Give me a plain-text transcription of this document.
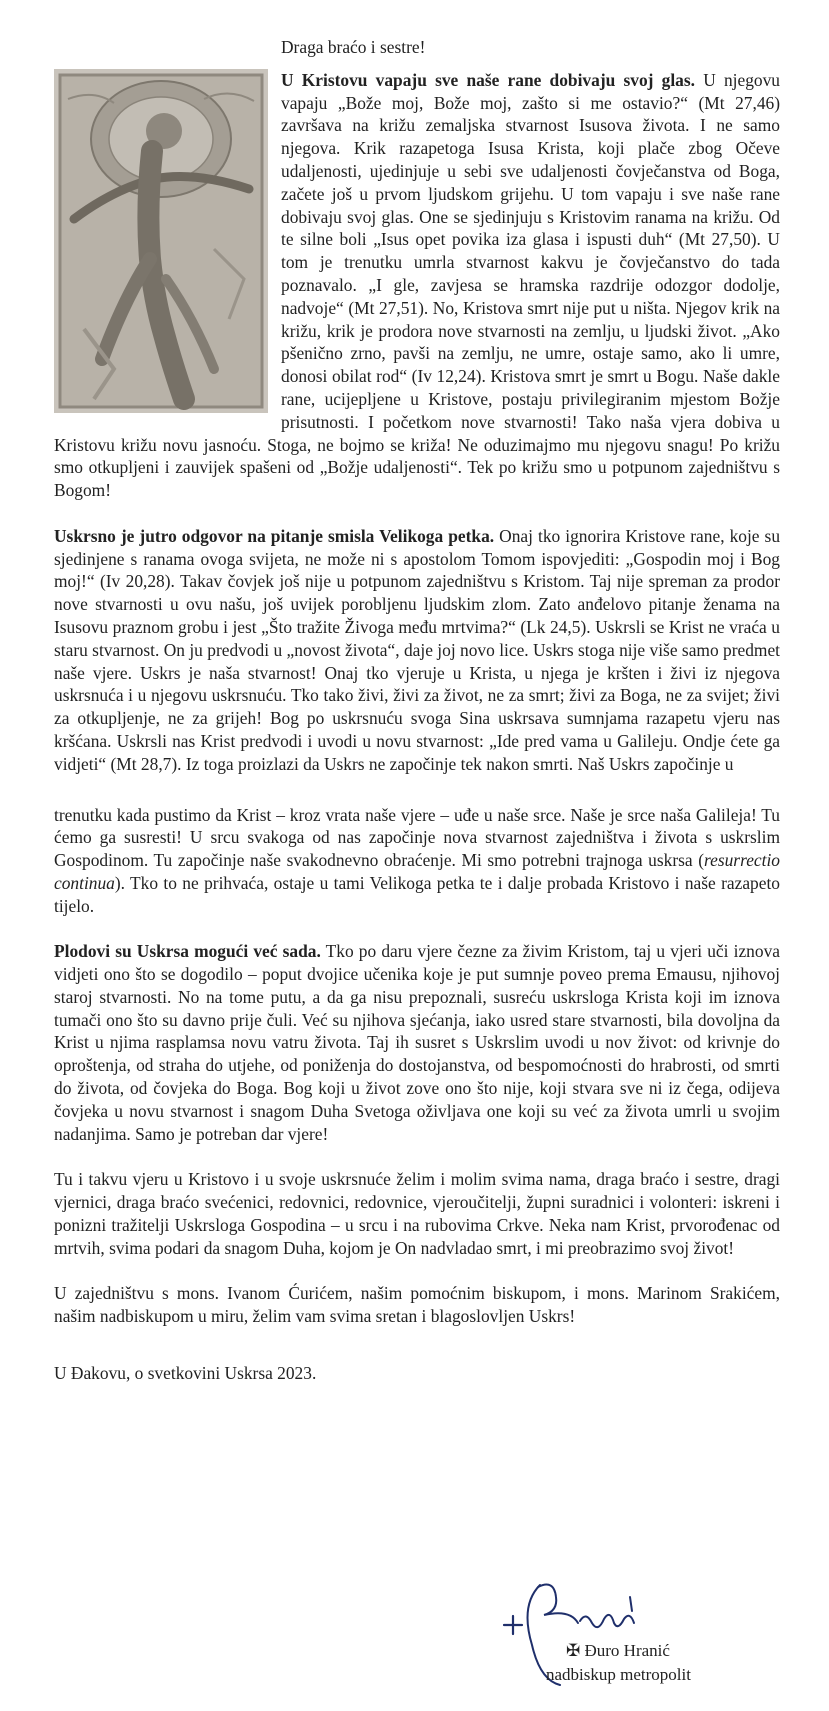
Draga braćo i sestre!
U Kristovu vapaju sve naše rane dobivaju svoj glas. U njegovu vapaju „Bože moj, Bože moj, zašto si me ostavio?“ (Mt 27,46) završava na križu zemaljska stvarnost Isusova života. I ne samo njegova. Krik razapetoga Isusa Krista, koji plače zbog Očeve udaljenosti, ujedinjuje u sebi sve udaljenosti čovječanstva od Boga, začete još u prvom ljudskom grijehu. U tom vapaju i sve naše rane dobivaju svoj glas. One se sjedinjuju s Kristovim ranama na križu. Od te silne boli „Isus opet povika iza glasa i ispusti duh“ (Mt 27,50). U tom je trenutku umrla stvarnost kakvu je čovječanstvo do tada poznavalo. „I gle, zavjesa se hramska razdrije odozgor dodolje, nadvoje“ (Mt 27,51). No, Kristova smrt nije put u ništa. Njegov krik na križu, krik je prodora nove stvarnosti na zemlju, u ljudski život. „Ako pšenično zrno, pavši na zemlju, ne umre, ostaje samo, ako li umre, donosi obilat rod“ (Iv 12,24). Kristova smrt je smrt u Bogu. Naše dakle rane, ucijepljene u Kristove, postaju privilegiranim mjestom Božje prisutnosti. I početkom nove stvarnosti! Tako naša vjera dobiva u Kristovu križu novu jasnoću. Stoga, ne bojmo se križa! Ne oduzimajmo mu njegovu snagu! Po križu smo otkupljeni i zauvijek spašeni od „Božje udaljenosti“. Tek po križu smo u potpunom zajedništvu s Bogom!
Uskrsno je jutro odgovor na pitanje smisla Velikoga petka. Onaj tko ignorira Kristove rane, koje su sjedinjene s ranama ovoga svijeta, ne može ni s apostolom Tomom ispovjediti: „Gospodin moj i Bog moj!“ (Iv 20,28). Takav čovjek još nije u potpunom zajedništvu s Kristom. Taj nije spreman za prodor nove stvarnosti u ovu našu, još uvijek porobljenu ljudskim zlom. Zato anđelovo pitanje ženama na Isusovu praznom grobu i jest „Što tražite Živoga među mrtvima?“ (Lk 24,5). Uskrsli se Krist ne vraća u staru stvarnost. On ju predvodi u „novost života“, daje joj novo lice. Uskrs stoga nije više samo predmet naše vjere. Uskrs je naša stvarnost! Onaj tko vjeruje u Krista, u njega je kršten i živi iz njegova uskrsnuća i u njegovu uskrsnuću. Tko tako živi, živi za život, ne za smrt; živi za Boga, ne za svijet; živi za otkupljenje, ne za grijeh! Bog po uskrsnuću svoga Sina uskrsava sumnjama razapetu vjeru nas kršćana. Uskrsli nas Krist predvodi i uvodi u novu stvarnost: „Ide pred vama u Galileju. Ondje ćete ga vidjeti“ (Mt 28,7). Iz toga proizlazi da Uskrs ne započinje tek nakon smrti. Naš Uskrs započinje u
trenutku kada pustimo da Krist – kroz vrata naše vjere – uđe u naše srce. Naše je srce naša Galileja! Tu ćemo ga susresti! U srcu svakoga od nas započinje nova stvarnost zajedništva i života s uskrslim Gospodinom. Tu započinje naše svakodnevno obraćenje. Mi smo potrebni trajnoga uskrsa (resurrectio continua). Tko to ne prihvaća, ostaje u tami Velikoga petka te i dalje probada Kristovo i naše razapeto tijelo.
Plodovi su Uskrsa mogući već sada. Tko po daru vjere čezne za živim Kristom, taj u vjeri uči iznova vidjeti ono što se dogodilo – poput dvojice učenika koje je put sumnje poveo prema Emausu, njihovoj staroj stvarnosti. No na tome putu, a da ga nisu prepoznali, susreću uskrsloga Krista koji im iznova tumači ono što su davno prije čuli. Već su njihova sjećanja, iako usred stare stvarnosti, bila dovoljna da Krist u njima rasplamsa novu vatru života. Taj ih susret s Uskrslim uvodi u nov život: od krivnje do oproštenja, od straha do utjehe, od poniženja do dostojanstva, od bespomoćnosti do hrabrosti, od smrti do života, od čovjeka do Boga. Bog koji u život zove ono što nije, koji stvara sve ni iz čega, odijeva čovjeka u novu stvarnost i snagom Duha Svetoga oživljava one koji su već za života umrli u svojim nadanjima. Samo je potreban dar vjere!
Tu i takvu vjeru u Kristovo i u svoje uskrsnuće želim i molim svima nama, draga braćo i sestre, dragi vjernici, draga braćo svećenici, redovnici, redovnice, vjeroučitelji, župni suradnici i volonteri: iskreni i ponizni tražitelji Uskrsloga Gospodina – u srcu i na rubovima Crkve. Neka nam Krist, prvorođenac od mrtvih, svima podari da snagom Duha, kojom je On nadvladao smrt, i mi preobrazimo svoj život!
U zajedništvu s mons. Ivanom Ćurićem, našim pomoćnim biskupom, i mons. Marinom Srakićem, našim nadbiskupom u miru, želim vam svima sretan i blagoslovljen Uskrs!
U Đakovu, o svetkovini Uskrsa 2023.
✠ Đuro Hranić
nadbiskup metropolit
